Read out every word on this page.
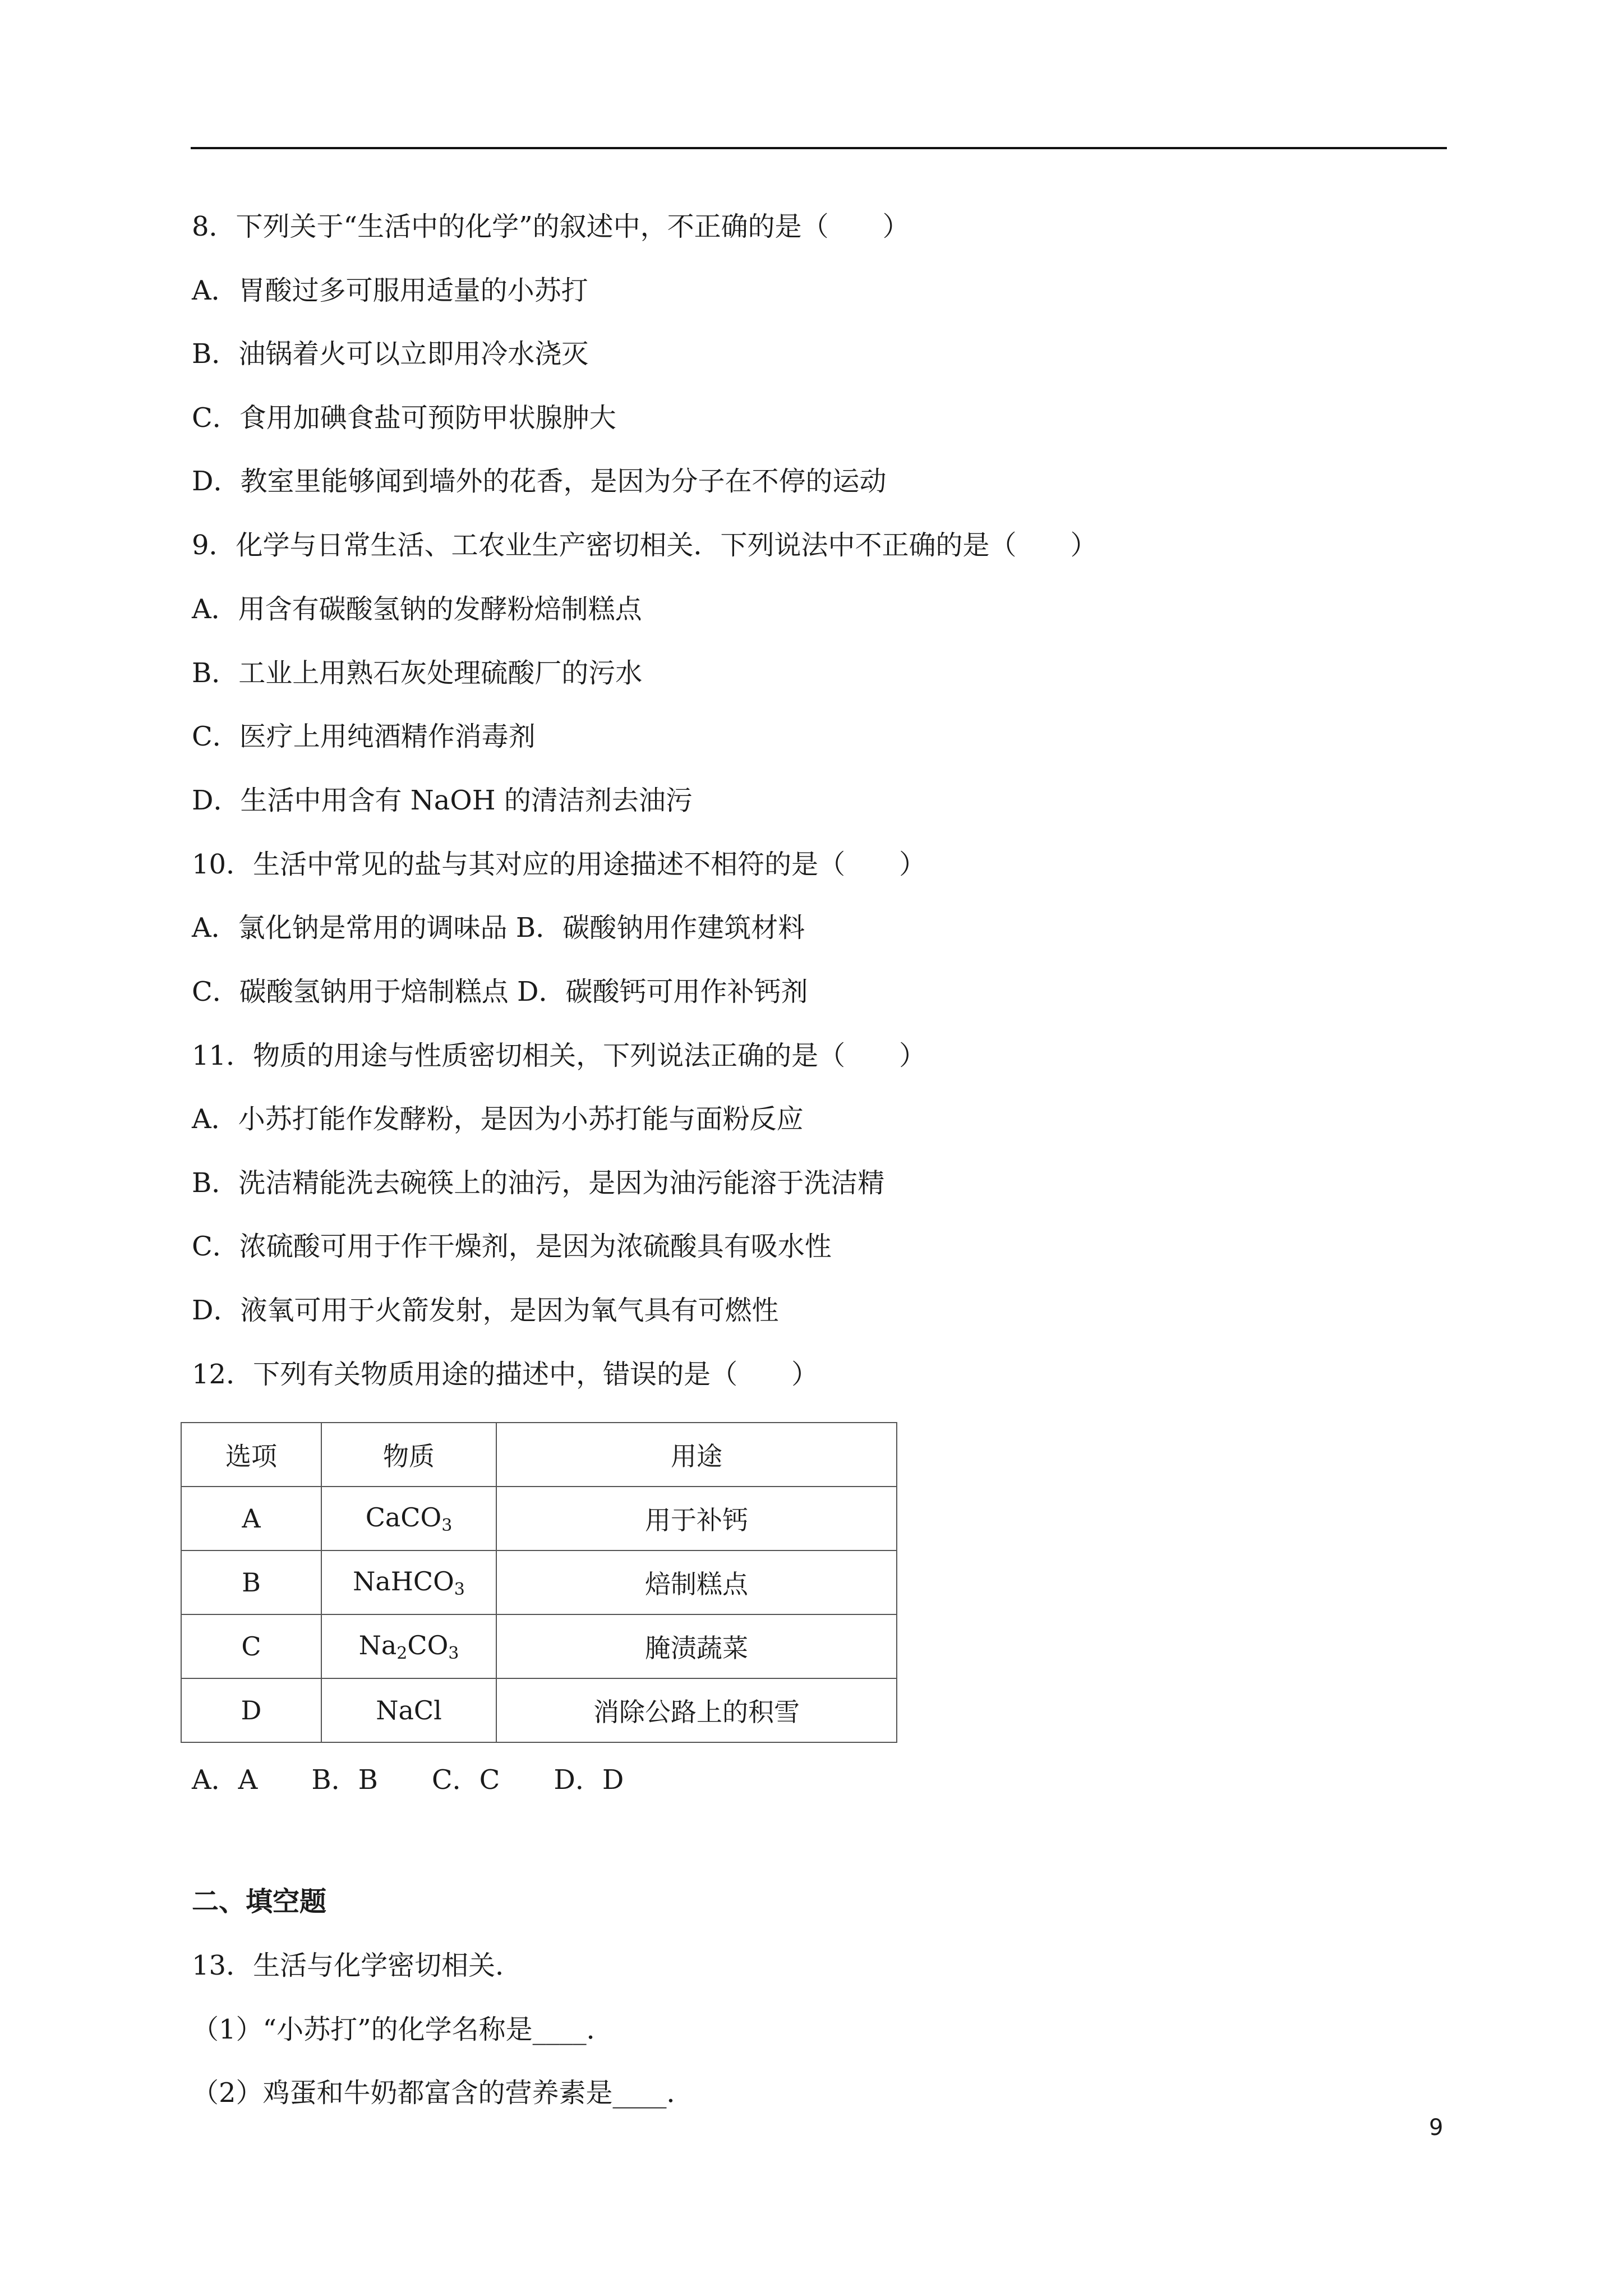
8．下列关于“生活中的化学”的叙述中，不正确的是（　　）
A．胃酸过多可服用适量的小苏打
B．油锅着火可以立即用冷水浇灭
C．食用加碘食盐可预防甲状腺肿大
D．教室里能够闻到墙外的花香，是因为分子在不停的运动
9．化学与日常生活、工农业生产密切相关．下列说法中不正确的是（　　）
A．用含有碳酸氢钠的发酵粉焙制糕点
B．工业上用熟石灰处理硫酸厂的污水
C．医疗上用纯酒精作消毒剂
D．生活中用含有 NaOH 的清洁剂去油污
10．生活中常见的盐与其对应的用途描述不相符的是（　　）
A．氯化钠是常用的调味品 B．碳酸钠用作建筑材料
C．碳酸氢钠用于焙制糕点 D．碳酸钙可用作补钙剂
11．物质的用途与性质密切相关，下列说法正确的是（　　）
A．小苏打能作发酵粉，是因为小苏打能与面粉反应
B．洗洁精能洗去碗筷上的油污，是因为油污能溶于洗洁精
C．浓硫酸可用于作干燥剂，是因为浓硫酸具有吸水性
D．液氧可用于火箭发射，是因为氧气具有可燃性
12．下列有关物质用途的描述中，错误的是（　　）
选项	物质	用途
A	CaCO$_3$	用于补钙
B	NaHCO$_3$	焙制糕点
C	$Na_2CO_3$	腌渍蔬菜
D	NaCl	消除公路上的积雪
A．A　　B．B　　C．C　　D．D
二、填空题
13．生活与化学密切相关．
（1）“小苏打”的化学名称是____．
（2）鸡蛋和牛奶都富含的营养素是____．
9
